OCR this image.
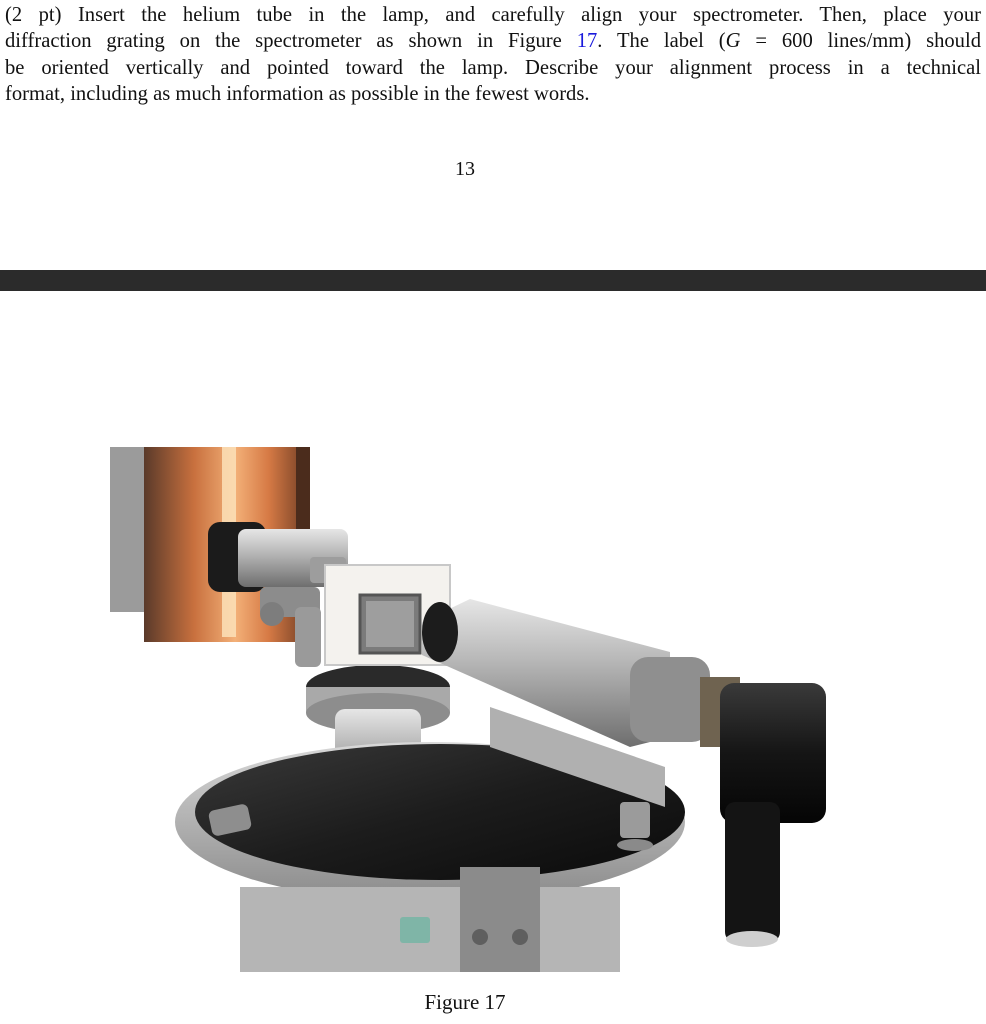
(2 pt) Insert the helium tube in the lamp, and carefully align your spectrometer. Then, place your
diffraction grating on the spectrometer as shown in Figure 17. The label (G = 600 lines/mm) should
be oriented vertically and pointed toward the lamp. Describe your alignment process in a technical
format, including as much information as possible in the fewest words.
13
Figure 17
